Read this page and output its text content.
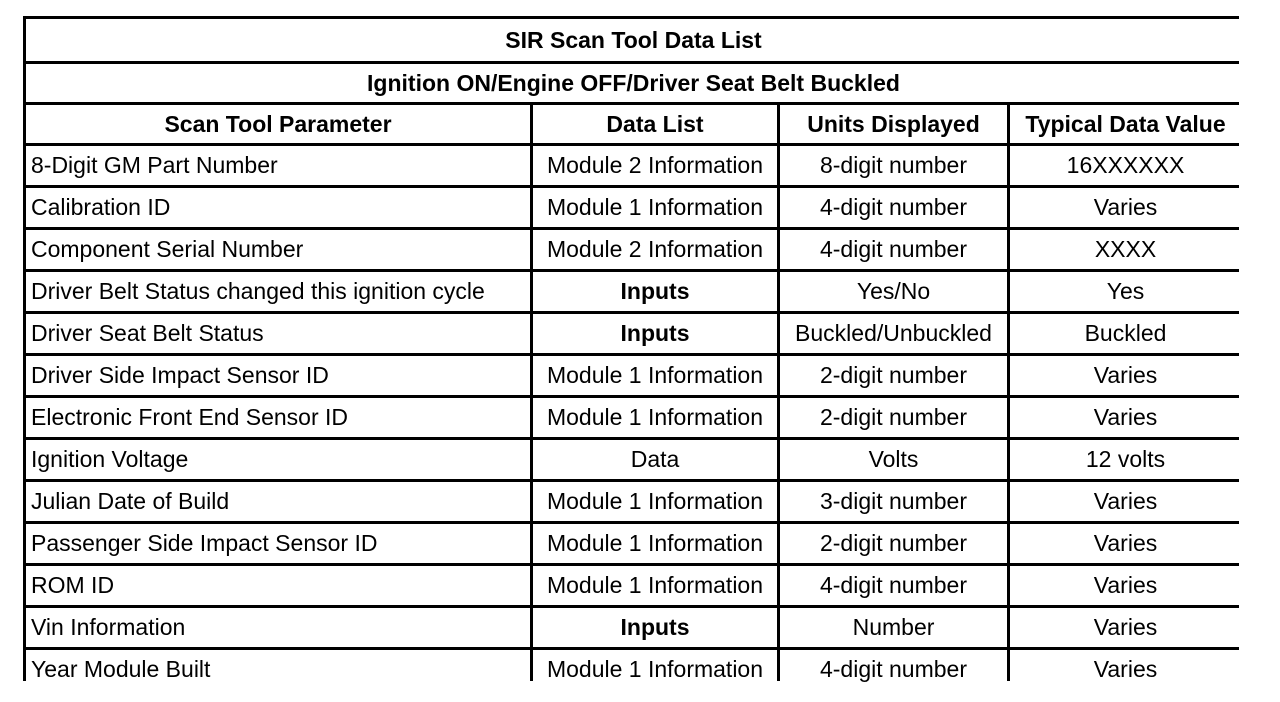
SIR Scan Tool Data List
Ignition ON/Engine OFF/Driver Seat Belt Buckled
Scan Tool Parameter	Data List	Units Displayed	Typical Data Value
8-Digit GM Part Number	Module 2 Information	8-digit number	16XXXXXX
Calibration ID	Module 1 Information	4-digit number	Varies
Component Serial Number	Module 2 Information	4-digit number	XXXX
Driver Belt Status changed this ignition cycle	Inputs	Yes/No	Yes
Driver Seat Belt Status	Inputs	Buckled/Unbuckled	Buckled
Driver Side Impact Sensor ID	Module 1 Information	2-digit number	Varies
Electronic Front End Sensor ID	Module 1 Information	2-digit number	Varies
Ignition Voltage	Data	Volts	12 volts
Julian Date of Build	Module 1 Information	3-digit number	Varies
Passenger Side Impact Sensor ID	Module 1 Information	2-digit number	Varies
ROM ID	Module 1 Information	4-digit number	Varies
Vin Information	Inputs	Number	Varies
Year Module Built	Module 1 Information	4-digit number	Varies
